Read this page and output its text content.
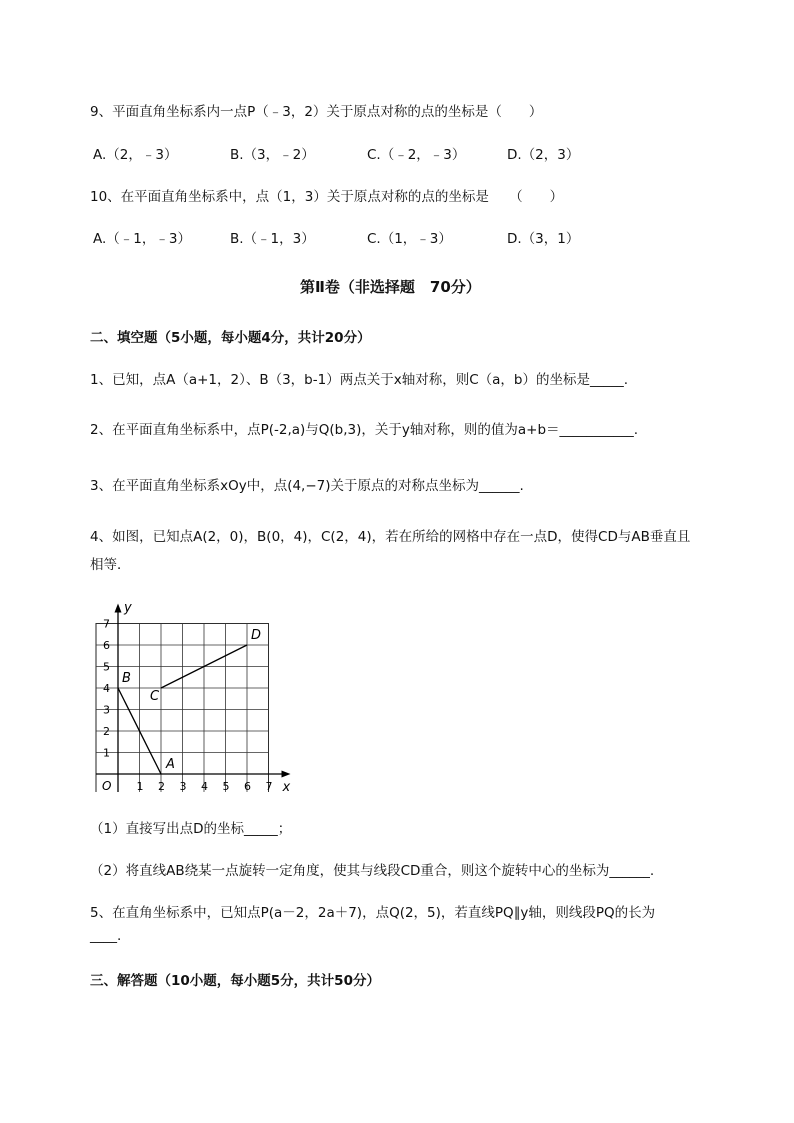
9、平面直角坐标系内一点P（﹣3，2）关于原点对称的点的坐标是（　　）
A.（2，﹣3）	B.（3，﹣2）	C.（﹣2，﹣3）	D.（2，3）
10、在平面直角坐标系中，点（1，3）关于原点对称的点的坐标是　　（　　）
A.（﹣1，﹣3）	B.（﹣1，3）	C.（1，﹣3）	D.（3，1）
第Ⅱ卷（非选择题　70分）
二、填空题（5小题，每小题4分，共计20分）
1、已知，点A（a+1，2）、B（3，b-1）两点关于x轴对称，则C（a，b）的坐标是_____.
2、在平面直角坐标系中，点P(-2,a)与Q(b,3)，关于y轴对称，则的值为a+b＝___________.
3、在平面直角坐标系xOy中，点(4,−7)关于原点的对称点坐标为______.
4、如图，已知点A(2，0)，B(0，4)，C(2，4)，若在所给的网格中存在一点D，使得CD与AB垂直且
相等．
x
y
O 1 2 3 4 5 6 7
1
2
3
4
5
6
7
A
B
C
D
（1）直接写出点D的坐标_____；
（2）将直线AB绕某一点旋转一定角度，使其与线段CD重合，则这个旋转中心的坐标为______.
5、在直角坐标系中，已知点P(a－2，2a＋7)，点Q(2，5)，若直线PQ∥y轴，则线段PQ的长为
____.
三、解答题（10小题，每小题5分，共计50分）
